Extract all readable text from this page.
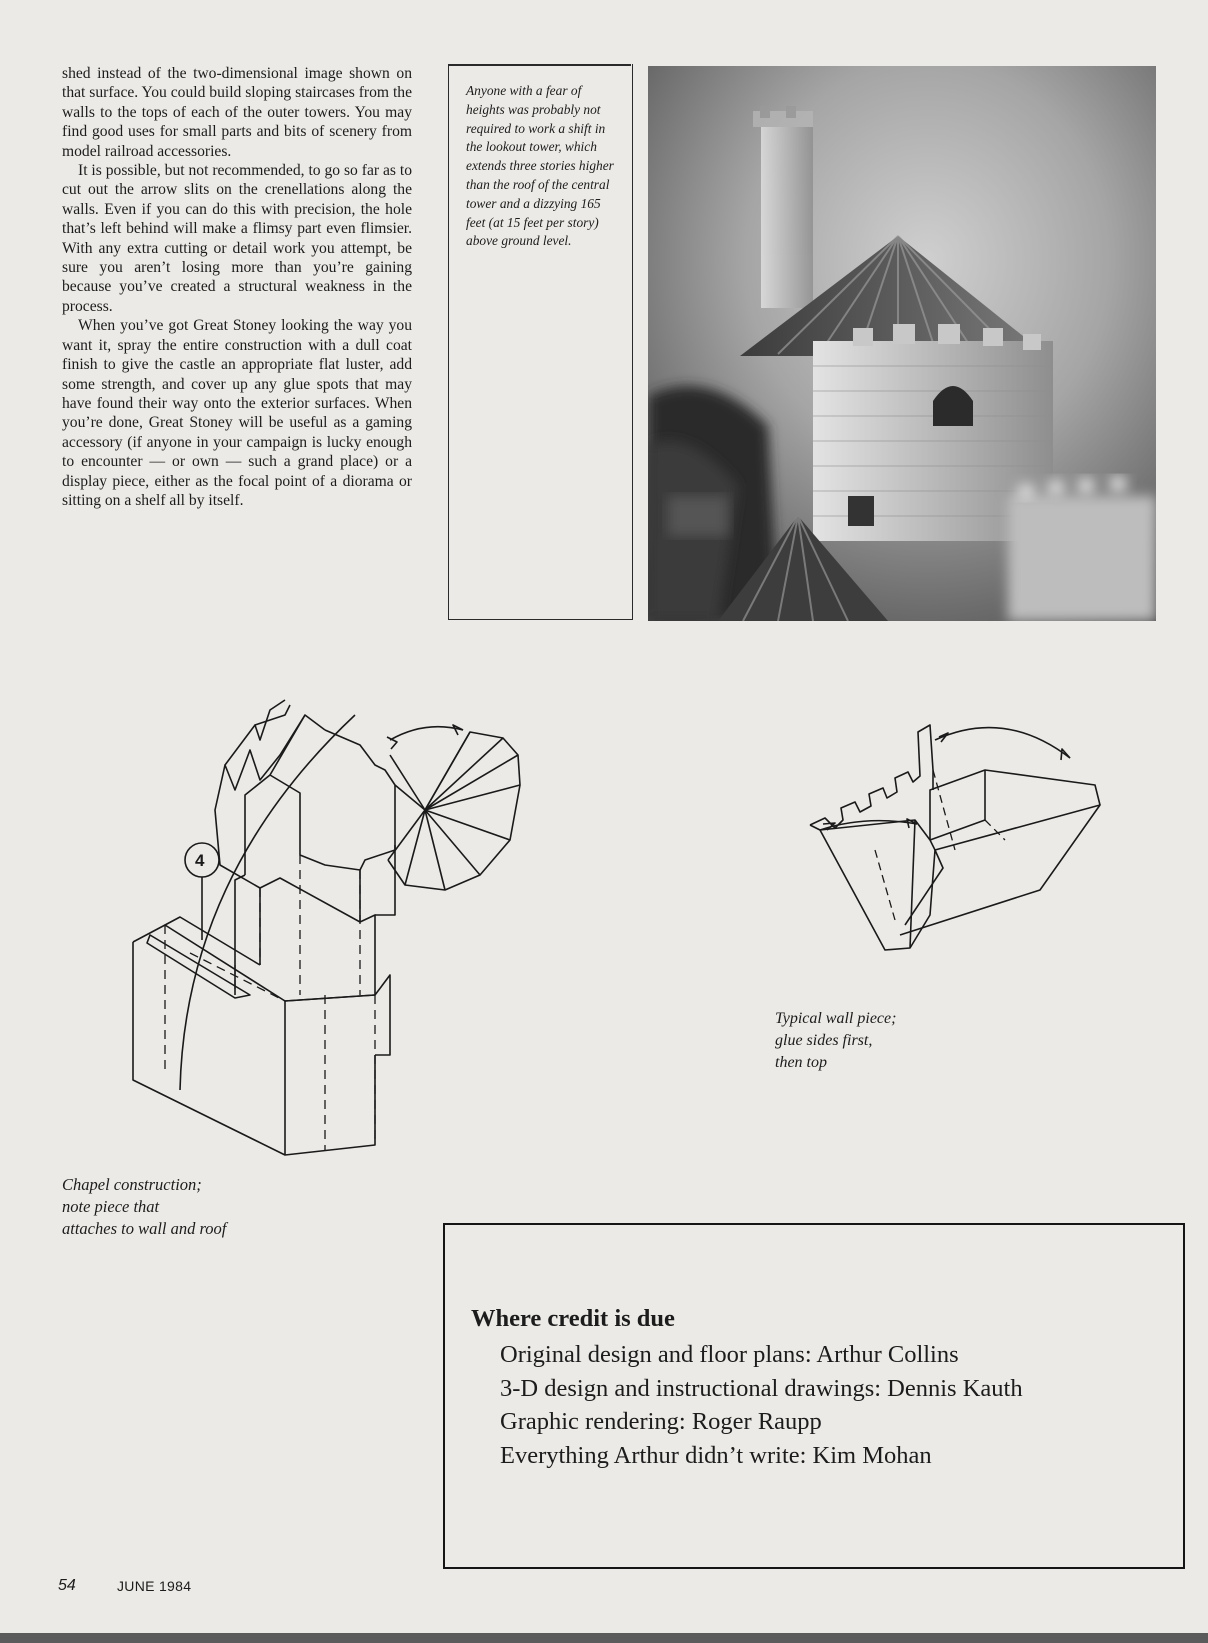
shed instead of the two-dimensional image shown on that surface. You could build sloping staircases from the walls to the tops of each of the outer towers. You may find good uses for small parts and bits of scenery from model railroad accessories.

It is possible, but not recommended, to go so far as to cut out the arrow slits on the crenellations along the walls. Even if you can do this with precision, the hole that’s left behind will make a flimsy part even flimsier. With any extra cutting or detail work you attempt, be sure you aren’t losing more than you’re gaining because you’ve created a structural weakness in the process.

When you’ve got Great Stoney looking the way you want it, spray the entire construction with a dull coat finish to give the castle an appropriate flat luster, add some strength, and cover up any glue spots that may have found their way onto the exterior surfaces. When you’re done, Great Stoney will be useful as a gaming accessory (if anyone in your campaign is lucky enough to encounter — or own — such a grand place) or a display piece, either as the focal point of a diorama or sitting on a shelf all by itself.

Anyone with a fear of heights was probably not required to work a shift in the lookout tower, which extends three stories higher than the roof of the central tower and a dizzying 165 feet (at 15 feet per story) above ground level.
4
Chapel construction;
note piece that
attaches to wall and roof
Typical wall piece;
glue sides first,
then top
Where credit is due
Original design and floor plans: Arthur Collins
3-D design and instructional drawings: Dennis Kauth
Graphic rendering: Roger Raupp
Everything Arthur didn’t write: Kim Mohan
54	JUNE 1984
